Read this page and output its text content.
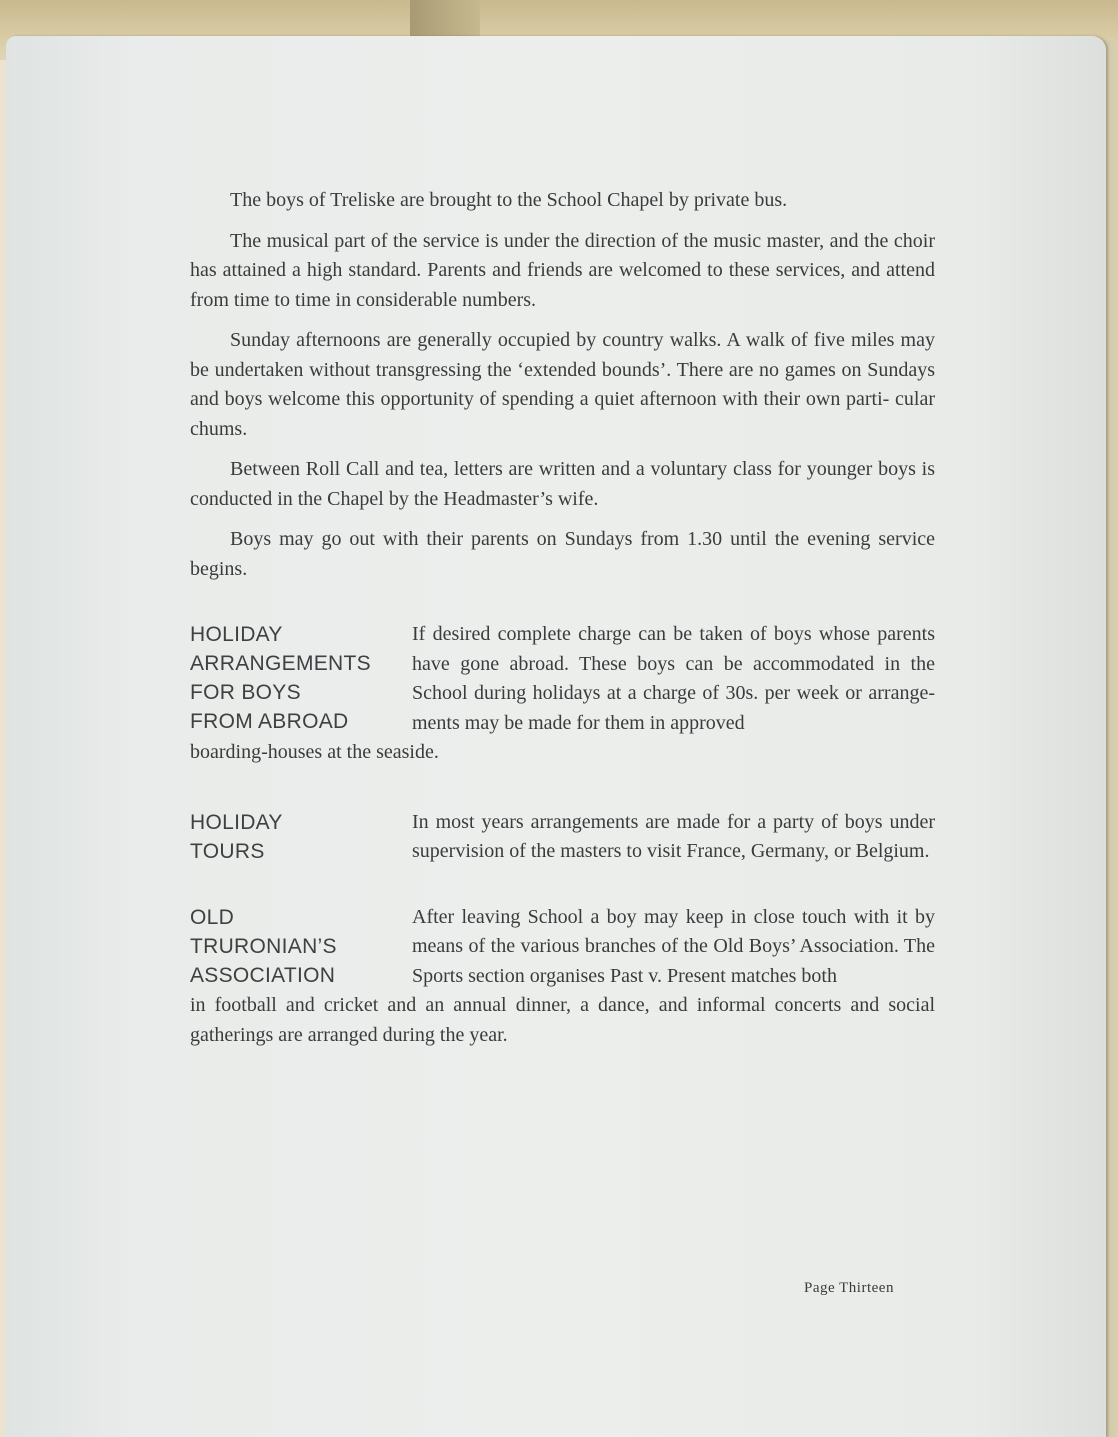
The boys of Treliske are brought to the School Chapel by private bus.

The musical part of the service is under the direction of the music master, and the choir has attained a high standard. Parents and friends are welcomed to these services, and attend from time to time in considerable numbers.

Sunday afternoons are generally occupied by country walks. A walk of five miles may be undertaken without transgressing the ‘extended bounds’. There are no games on Sundays and boys welcome this opportunity of spending a quiet afternoon with their own parti- cular chums.

Between Roll Call and tea, letters are written and a voluntary class for younger boys is conducted in the Chapel by the Headmaster’s wife.

Boys may go out with their parents on Sundays from 1.30 until the evening service begins.

HOLIDAY
ARRANGEMENTS
FOR BOYS
FROM ABROAD
If desired complete charge can be taken of boys whose parents have gone abroad. These boys can be accommodated in the School during holidays at a charge of 30s. per week or arrange- ments may be made for them in approved
boarding-houses at the seaside.
HOLIDAY
TOURS
In most years arrangements are made for a party of boys under supervision of the masters to visit France, Germany, or Belgium.
OLD
TRURONIAN’S
ASSOCIATION
After leaving School a boy may keep in close touch with it by means of the various branches of the Old Boys’ Association. The Sports section organises Past v. Present matches both
in football and cricket and an annual dinner, a dance, and informal concerts and social gatherings are arranged during the year.
Page Thirteen
